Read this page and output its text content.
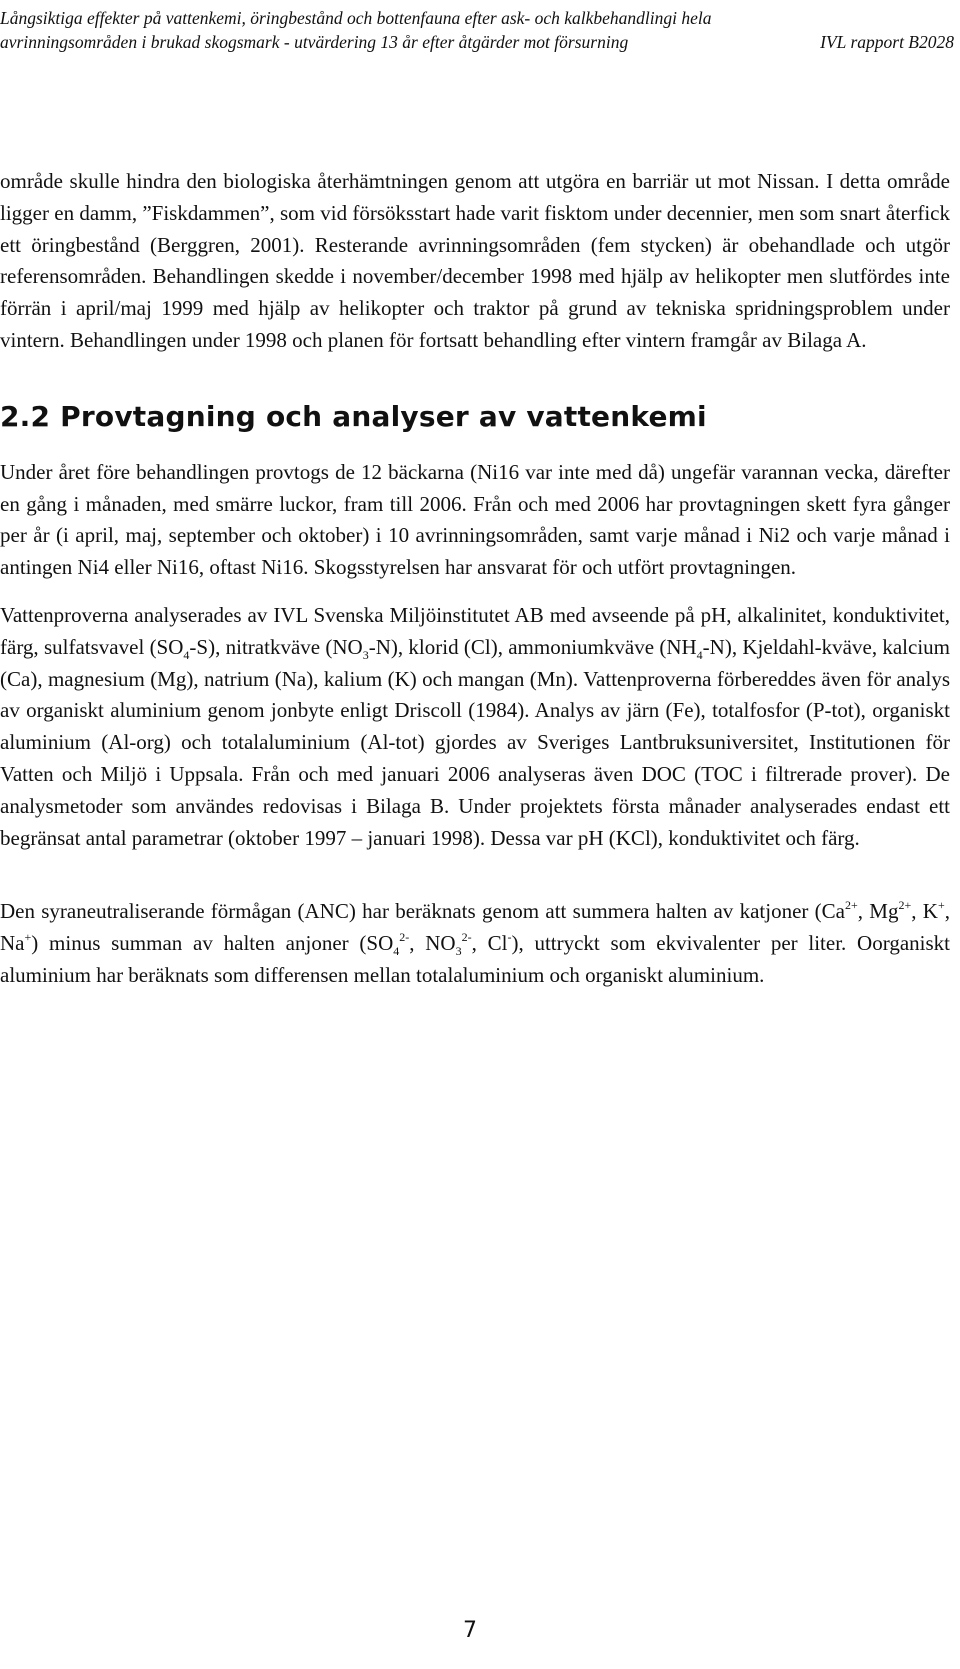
Långsiktiga effekter på vattenkemi, öringbestånd och bottenfauna efter ask- och kalkbehandlingi hela
avrinningsområden i brukad skogsmark - utvärdering 13 år efter åtgärder mot försurning	IVL rapport B2028

område skulle hindra den biologiska återhämtningen genom att utgöra en barriär ut mot Nissan. I detta område ligger en damm, ”Fiskdammen”, som vid försöksstart hade varit fisktom under decennier, men som snart återfick ett öringbestånd (Berggren, 2001). Resterande avrinningsområden (fem stycken) är obehandlade och utgör referensområden. Behandlingen skedde i november/december 1998 med hjälp av helikopter men slutfördes inte förrän i april/maj 1999 med hjälp av helikopter och traktor på grund av tekniska spridningsproblem under vintern. Behandlingen under 1998 och planen för fortsatt behandling efter vintern framgår av Bilaga A.

2.2 Provtagning och analyser av vattenkemi

Under året före behandlingen provtogs de 12 bäckarna (Ni16 var inte med då) ungefär varannan vecka, därefter en gång i månaden, med smärre luckor, fram till 2006. Från och med 2006 har provtagningen skett fyra gånger per år (i april, maj, september och oktober) i 10 avrinningsområden, samt varje månad i Ni2 och varje månad i antingen Ni4 eller Ni16, oftast Ni16. Skogsstyrelsen har ansvarat för och utfört provtagningen.

Vattenproverna analyserades av IVL Svenska Miljöinstitutet AB med avseende på pH, alkalinitet, konduktivitet, färg, sulfatsvavel $(SO_4-S)$, nitratkväve $(NO_3-N)$, klorid (Cl), ammoniumkväve $(NH_4-N)$, Kjeldahl-kväve, kalcium (Ca), magnesium (Mg), natrium (Na), kalium (K) och mangan (Mn). Vattenproverna förbereddes även för analys av organiskt aluminium genom jonbyte enligt Driscoll (1984). Analys av järn (Fe), totalfosfor (P-tot), organiskt aluminium (Al-org) och totalaluminium (Al-tot) gjordes av Sveriges Lantbruksuniversitet, Institutionen för Vatten och Miljö i Uppsala. Från och med januari 2006 analyseras även DOC (TOC i filtrerade prover). De analysmetoder som användes redovisas i Bilaga B. Under projektets första månader analyserades endast ett begränsat antal parametrar (oktober 1997 – januari 1998). Dessa var pH (KCl), konduktivitet och färg.

Den syraneutraliserande förmågan (ANC) har beräknats genom att summera halten av katjoner ($Ca^{2+}$, $Mg^{2+}$, K+, Na+) minus summan av halten anjoner ($SO_4^{2-}$, $NO_3^{2-}$, Cl-), uttryckt som ekvivalenter per liter. Oorganiskt aluminium har beräknats som differensen mellan totalaluminium och organiskt aluminium.

7
